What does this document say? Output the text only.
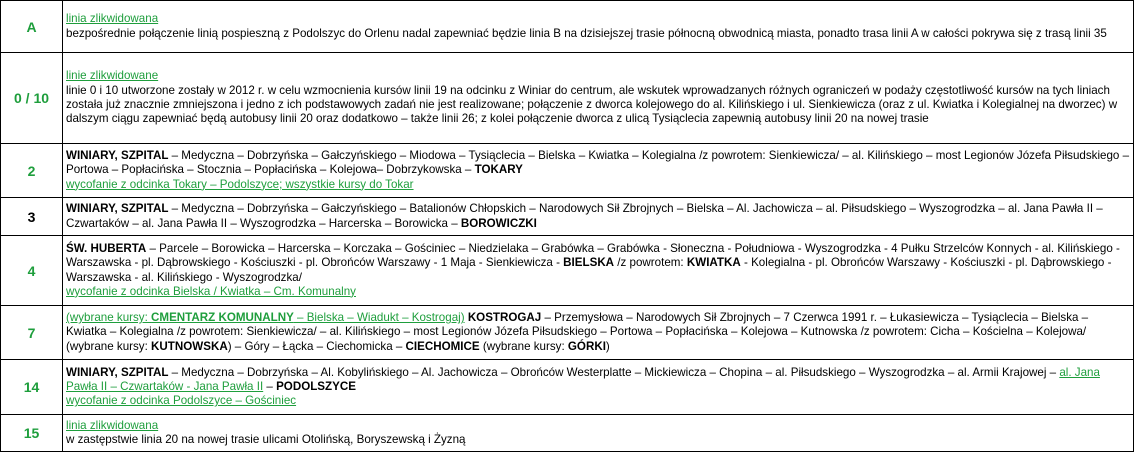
A	linia zlikwidowana
bezpośrednie połączenie linią pospieszną z Podolszyc do Orlenu nadal zapewniać będzie linia B na dzisiejszej trasie północną obwodnicą miasta, ponadto trasa linii A w całości pokrywa się z trasą linii 35

0 / 10	linie zlikwidowane
linie 0 i 10 utworzone zostały w 2012 r. w celu wzmocnienia kursów linii 19 na odcinku z Winiar do centrum, ale wskutek wprowadzanych różnych ograniczeń w podaży częstotliwość kursów na tych liniach została już znacznie zmniejszona i jedno z ich podstawowych zadań nie jest realizowane; połączenie z dworca kolejowego do al. Kilińskiego i ul. Sienkiewicza (oraz z ul. Kwiatka i Kolegialnej na dworzec) w dalszym ciągu zapewniać będą autobusy linii 20 oraz dodatkowo – także linii 26; z kolei połączenie dworca z ulicą Tysiąclecia zapewnią autobusy linii 20 na nowej trasie

2	WINIARY, SZPITAL – Medyczna – Dobrzyńska – Gałczyńskiego – Miodowa – Tysiąclecia – Bielska – Kwiatka – Kolegialna /z powrotem: Sienkiewicza/ – al. Kilińskiego – most Legionów Józefa Piłsudskiego – Portowa – Popłacińska – Stocznia – Popłacińska – Kolejowa– Dobrzykowska – TOKARY
wycofanie z odcinka Tokary – Podolszyce; wszystkie kursy do Tokar

3	WINIARY, SZPITAL – Medyczna – Dobrzyńska – Gałczyńskiego – Batalionów Chłopskich – Narodowych Sił Zbrojnych – Bielska – Al. Jachowicza – al. Piłsudskiego – Wyszogrodzka – al. Jana Pawła II – Czwartaków – al. Jana Pawła II – Wyszogrodzka – Harcerska – Borowicka – BOROWICZKI

4	ŚW. HUBERTA – Parcele – Borowicka – Harcerska – Korczaka – Gościniec – Niedzielaka – Grabówka – Grabówka - Słoneczna - Południowa - Wyszogrodzka - 4 Pułku Strzelców Konnych - al. Kilińskiego - Warszawska - pl. Dąbrowskiego - Kościuszki - pl. Obrońców Warszawy - 1 Maja - Sienkiewicza - BIELSKA /z powrotem: KWIATKA - Kolegialna - pl. Obrońców Warszawy - Kościuszki - pl. Dąbrowskiego - Warszawska - al. Kilińskiego - Wyszogrodzka/
wycofanie z odcinka Bielska / Kwiatka – Cm. Komunalny

7	(wybrane kursy: CMENTARZ KOMUNALNY – Bielska – Wiadukt – Kostrogaj) KOSTROGAJ – Przemysłowa – Narodowych Sił Zbrojnych – 7 Czerwca 1991 r. – Łukasiewicza – Tysiąclecia – Bielska – Kwiatka – Kolegialna /z powrotem: Sienkiewicza/ – al. Kilińskiego – most Legionów Józefa Piłsudskiego – Portowa – Popłacińska – Kolejowa – Kutnowska /z powrotem: Cicha – Kościelna – Kolejowa/ (wybrane kursy: KUTNOWSKA) – Góry – Łącka – Ciechomicka – CIECHOMICE (wybrane kursy: GÓRKI)

14	WINIARY, SZPITAL – Medyczna – Dobrzyńska – Al. Kobylińskiego – Al. Jachowicza – Obrońców Westerplatte – Mickiewicza – Chopina – al. Piłsudskiego – Wyszogrodzka – al. Armii Krajowej – al. Jana Pawła II – Czwartaków - Jana Pawła II – PODOLSZYCE
wycofanie z odcinka Podolszyce – Gościniec

15	linia zlikwidowana
w zastępstwie linia 20 na nowej trasie ulicami Otolińską, Boryszewską i Żyzną
